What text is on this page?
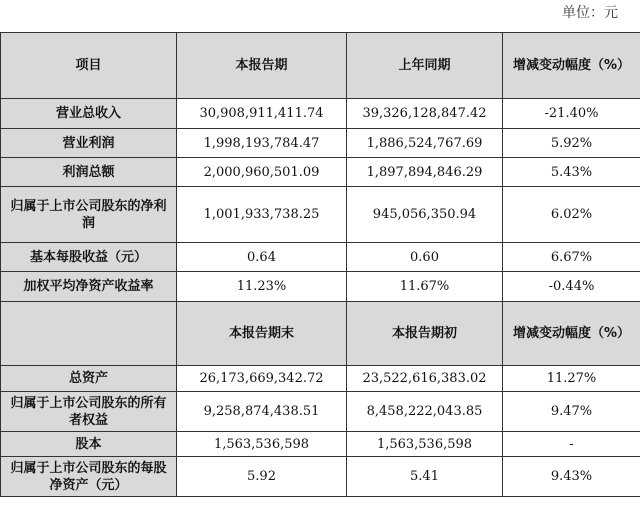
单位：元
项目	本报告期	上年同期	增减变动幅度（%）
营业总收入	30,908,911,411.74	39,326,128,847.42	-21.40%
营业利润	1,998,193,784.47	1,886,524,767.69	5.92%
利润总额	2,000,960,501.09	1,897,894,846.29	5.43%
归属于上市公司股东的净利润	1,001,933,738.25	945,056,350.94	6.02%
基本每股收益（元）	0.64	0.60	6.67%
加权平均净资产收益率	11.23%	11.67%	-0.44%
	本报告期末	本报告期初	增减变动幅度（%）
总资产	26,173,669,342.72	23,522,616,383.02	11.27%
归属于上市公司股东的所有者权益	9,258,874,438.51	8,458,222,043.85	9.47%
股本	1,563,536,598	1,563,536,598	-
归属于上市公司股东的每股净资产（元）	5.92	5.41	9.43%
